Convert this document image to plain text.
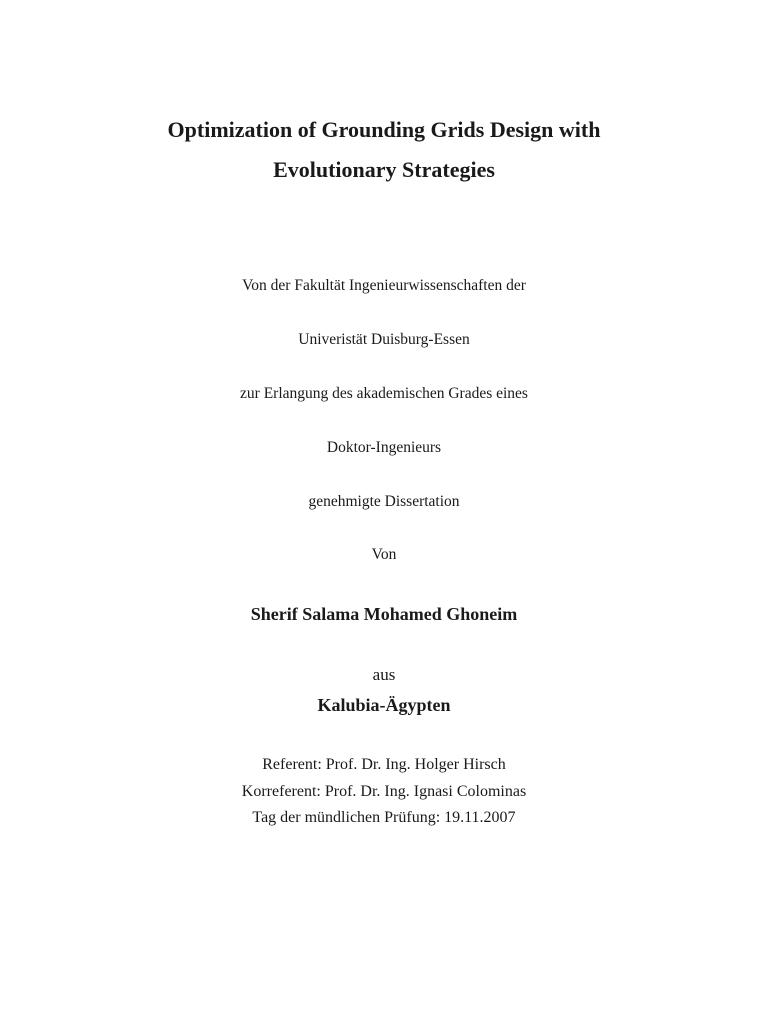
Optimization of Grounding Grids Design with
Evolutionary Strategies
Von der Fakultät Ingenieurwissenschaften der
Univeristät Duisburg-Essen
zur Erlangung des akademischen Grades eines
Doktor-Ingenieurs
genehmigte Dissertation
Von
Sherif Salama Mohamed Ghoneim
aus
Kalubia-Ägypten
Referent: Prof. Dr. Ing. Holger Hirsch
Korreferent: Prof. Dr. Ing. Ignasi Colominas
Tag der mündlichen Prüfung: 19.11.2007
